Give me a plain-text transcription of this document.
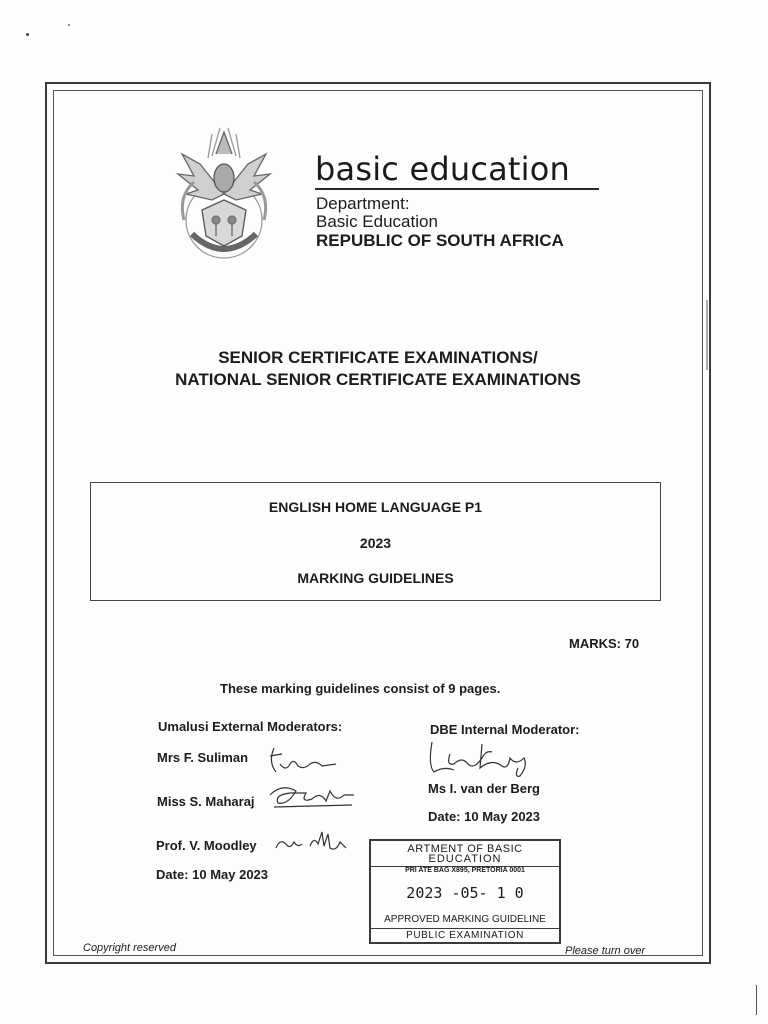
basic education
Department:
Basic Education
REPUBLIC OF SOUTH AFRICA
SENIOR CERTIFICATE EXAMINATIONS/
NATIONAL SENIOR CERTIFICATE EXAMINATIONS
ENGLISH HOME LANGUAGE P1
2023
MARKING GUIDELINES
MARKS: 70
These marking guidelines consist of 9 pages.
Umalusi External Moderators:
Mrs F. Suliman
Miss S. Maharaj
Prof. V. Moodley
Date: 10 May 2023
DBE Internal Moderator:
Ms I. van der Berg
Date: 10 May 2023
ARTMENT OF BASIC
EDUCATION
PRI ATE BAG X895, PRETORIA 0001
2023 -05- 1 0
APPROVED MARKING GUIDELINE
PUBLIC EXAMINATION
Copyright reserved	Please turn over
